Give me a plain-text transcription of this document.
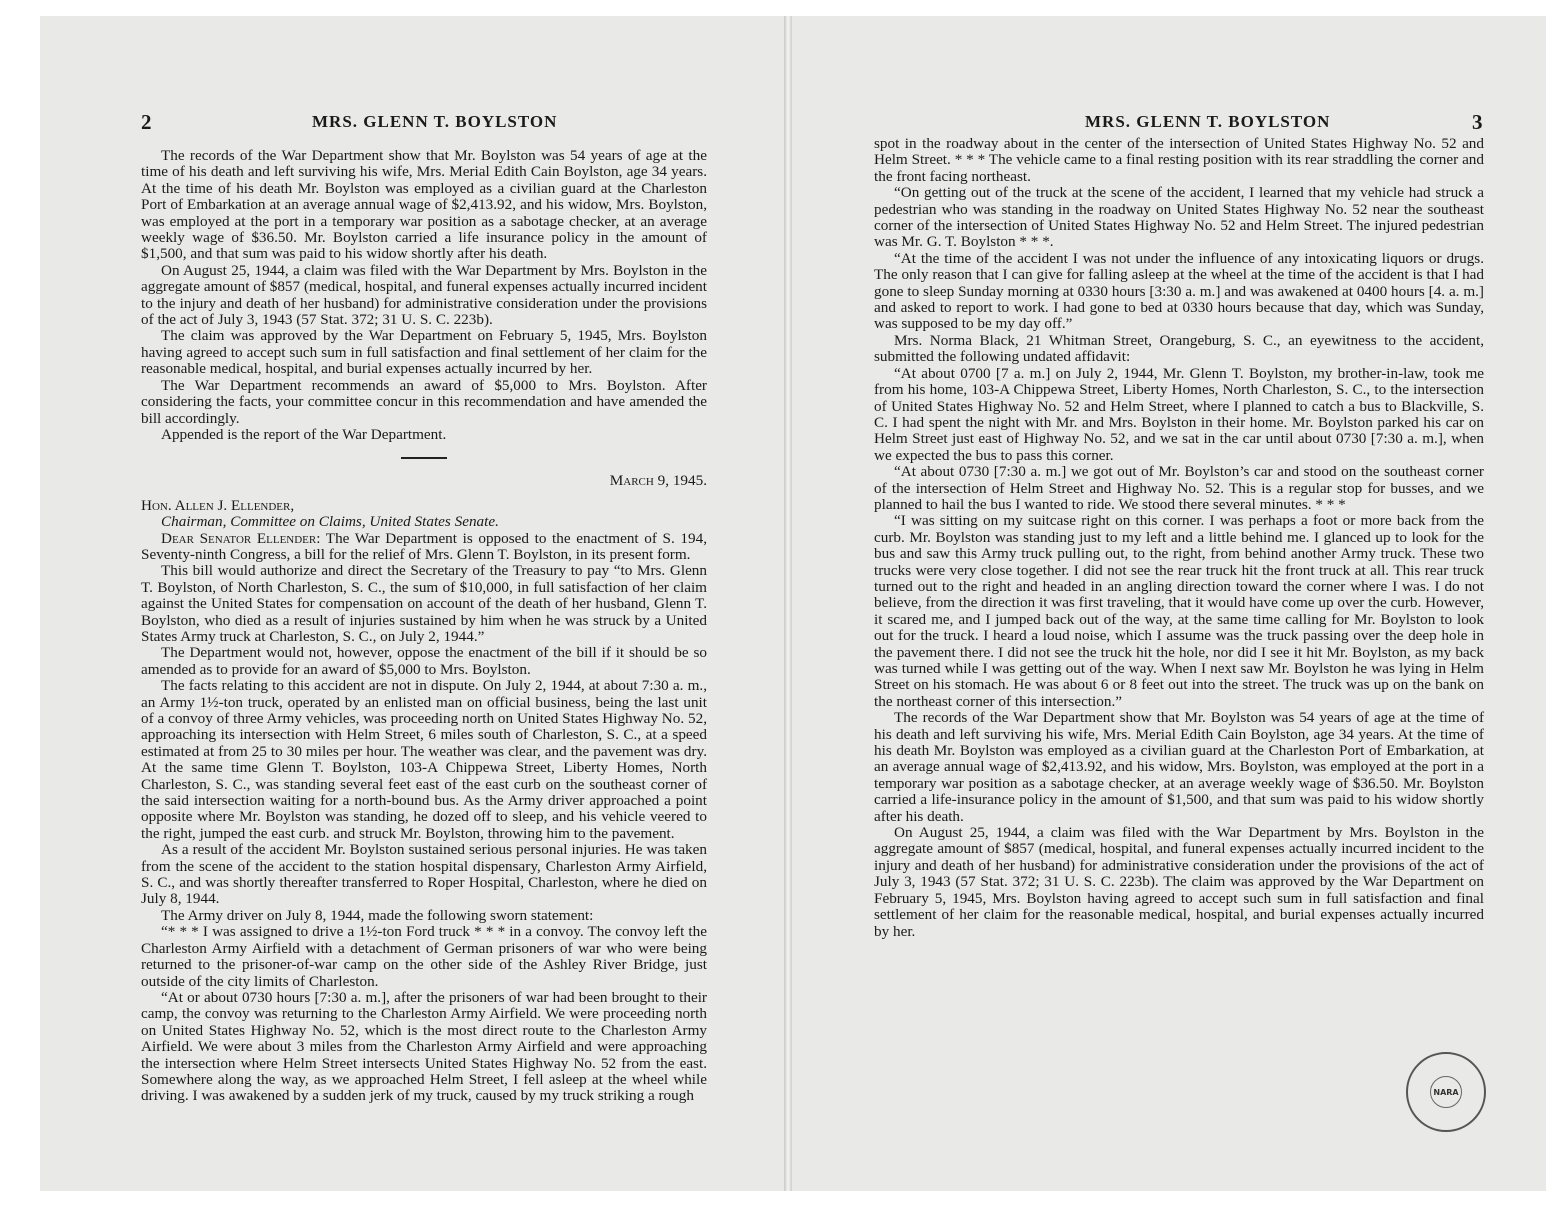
2	MRS. GLENN T. BOYLSTON

The records of the War Department show that Mr. Boylston was 54 years of age at the time of his death and left surviving his wife, Mrs. Merial Edith Cain Boylston, age 34 years. At the time of his death Mr. Boylston was employed as a civilian guard at the Charleston Port of Embarkation at an average annual wage of $2,413.92, and his widow, Mrs. Boylston, was employed at the port in a temporary war position as a sabotage checker, at an average weekly wage of $36.50. Mr. Boylston carried a life insurance policy in the amount of $1,500, and that sum was paid to his widow shortly after his death.

On August 25, 1944, a claim was filed with the War Department by Mrs. Boylston in the aggregate amount of $857 (medical, hospital, and funeral expenses actually incurred incident to the injury and death of her husband) for administrative consideration under the provisions of the act of July 3, 1943 (57 Stat. 372; 31 U. S. C. 223b).

The claim was approved by the War Department on February 5, 1945, Mrs. Boylston having agreed to accept such sum in full satisfaction and final settlement of her claim for the reasonable medical, hospital, and burial expenses actually incurred by her.

The War Department recommends an award of $5,000 to Mrs. Boylston. After considering the facts, your committee concur in this recommendation and have amended the bill accordingly.

Appended is the report of the War Department.

March 9, 1945.

Hon. Allen J. Ellender,

Chairman, Committee on Claims, United States Senate.

Dear Senator Ellender: The War Department is opposed to the enactment of S. 194, Seventy-ninth Congress, a bill for the relief of Mrs. Glenn T. Boylston, in its present form.

This bill would authorize and direct the Secretary of the Treasury to pay “to Mrs. Glenn T. Boylston, of North Charleston, S. C., the sum of $10,000, in full satisfaction of her claim against the United States for compensation on account of the death of her husband, Glenn T. Boylston, who died as a result of injuries sustained by him when he was struck by a United States Army truck at Charleston, S. C., on July 2, 1944.”

The Department would not, however, oppose the enactment of the bill if it should be so amended as to provide for an award of $5,000 to Mrs. Boylston.

The facts relating to this accident are not in dispute. On July 2, 1944, at about 7:30 a. m., an Army 1½-ton truck, operated by an enlisted man on official business, being the last unit of a convoy of three Army vehicles, was proceeding north on United States Highway No. 52, approaching its intersection with Helm Street, 6 miles south of Charleston, S. C., at a speed estimated at from 25 to 30 miles per hour. The weather was clear, and the pavement was dry. At the same time Glenn T. Boylston, 103-A Chippewa Street, Liberty Homes, North Charleston, S. C., was standing several feet east of the east curb on the southeast corner of the said intersection waiting for a north-bound bus. As the Army driver approached a point opposite where Mr. Boylston was standing, he dozed off to sleep, and his vehicle veered to the right, jumped the east curb. and struck Mr. Boylston, throwing him to the pavement.

As a result of the accident Mr. Boylston sustained serious personal injuries. He was taken from the scene of the accident to the station hospital dispensary, Charleston Army Airfield, S. C., and was shortly thereafter transferred to Roper Hospital, Charleston, where he died on July 8, 1944.

The Army driver on July 8, 1944, made the following sworn statement:

“* * * I was assigned to drive a 1½-ton Ford truck * * * in a convoy. The convoy left the Charleston Army Airfield with a detachment of German prisoners of war who were being returned to the prisoner-of-war camp on the other side of the Ashley River Bridge, just outside of the city limits of Charleston.

“At or about 0730 hours [7:30 a. m.], after the prisoners of war had been brought to their camp, the convoy was returning to the Charleston Army Airfield. We were proceeding north on United States Highway No. 52, which is the most direct route to the Charleston Army Airfield. We were about 3 miles from the Charleston Army Airfield and were approaching the intersection where Helm Street intersects United States Highway No. 52 from the east. Somewhere along the way, as we approached Helm Street, I fell asleep at the wheel while driving. I was awakened by a sudden jerk of my truck, caused by my truck striking a rough

MRS. GLENN T. BOYLSTON	3

spot in the roadway about in the center of the intersection of United States Highway No. 52 and Helm Street. * * * The vehicle came to a final resting position with its rear straddling the corner and the front facing northeast.

“On getting out of the truck at the scene of the accident, I learned that my vehicle had struck a pedestrian who was standing in the roadway on United States Highway No. 52 near the southeast corner of the intersection of United States Highway No. 52 and Helm Street. The injured pedestrian was Mr. G. T. Boylston * * *.

“At the time of the accident I was not under the influence of any intoxicating liquors or drugs. The only reason that I can give for falling asleep at the wheel at the time of the accident is that I had gone to sleep Sunday morning at 0330 hours [3:30 a. m.] and was awakened at 0400 hours [4. a. m.] and asked to report to work. I had gone to bed at 0330 hours because that day, which was Sunday, was supposed to be my day off.”

Mrs. Norma Black, 21 Whitman Street, Orangeburg, S. C., an eyewitness to the accident, submitted the following undated affidavit:

“At about 0700 [7 a. m.] on July 2, 1944, Mr. Glenn T. Boylston, my brother-in-law, took me from his home, 103-A Chippewa Street, Liberty Homes, North Charleston, S. C., to the intersection of United States Highway No. 52 and Helm Street, where I planned to catch a bus to Blackville, S. C. I had spent the night with Mr. and Mrs. Boylston in their home. Mr. Boylston parked his car on Helm Street just east of Highway No. 52, and we sat in the car until about 0730 [7:30 a. m.], when we expected the bus to pass this corner.

“At about 0730 [7:30 a. m.] we got out of Mr. Boylston’s car and stood on the southeast corner of the intersection of Helm Street and Highway No. 52. This is a regular stop for busses, and we planned to hail the bus I wanted to ride. We stood there several minutes. * * *

“I was sitting on my suitcase right on this corner. I was perhaps a foot or more back from the curb. Mr. Boylston was standing just to my left and a little behind me. I glanced up to look for the bus and saw this Army truck pulling out, to the right, from behind another Army truck. These two trucks were very close together. I did not see the rear truck hit the front truck at all. This rear truck turned out to the right and headed in an angling direction toward the corner where I was. I do not believe, from the direction it was first traveling, that it would have come up over the curb. However, it scared me, and I jumped back out of the way, at the same time calling for Mr. Boylston to look out for the truck. I heard a loud noise, which I assume was the truck passing over the deep hole in the pavement there. I did not see the truck hit the hole, nor did I see it hit Mr. Boylston, as my back was turned while I was getting out of the way. When I next saw Mr. Boylston he was lying in Helm Street on his stomach. He was about 6 or 8 feet out into the street. The truck was up on the bank on the northeast corner of this intersection.”

The records of the War Department show that Mr. Boylston was 54 years of age at the time of his death and left surviving his wife, Mrs. Merial Edith Cain Boylston, age 34 years. At the time of his death Mr. Boylston was employed as a civilian guard at the Charleston Port of Embarkation, at an average annual wage of $2,413.92, and his widow, Mrs. Boylston, was employed at the port in a temporary war position as a sabotage checker, at an average weekly wage of $36.50. Mr. Boylston carried a life-insurance policy in the amount of $1,500, and that sum was paid to his widow shortly after his death.

On August 25, 1944, a claim was filed with the War Department by Mrs. Boylston in the aggregate amount of $857 (medical, hospital, and funeral expenses actually incurred incident to the injury and death of her husband) for administrative consideration under the provisions of the act of July 3, 1943 (57 Stat. 372; 31 U. S. C. 223b). The claim was approved by the War Department on February 5, 1945, Mrs. Boylston having agreed to accept such sum in full satisfaction and final settlement of her claim for the reasonable medical, hospital, and burial expenses actually incurred by her.

NARA
